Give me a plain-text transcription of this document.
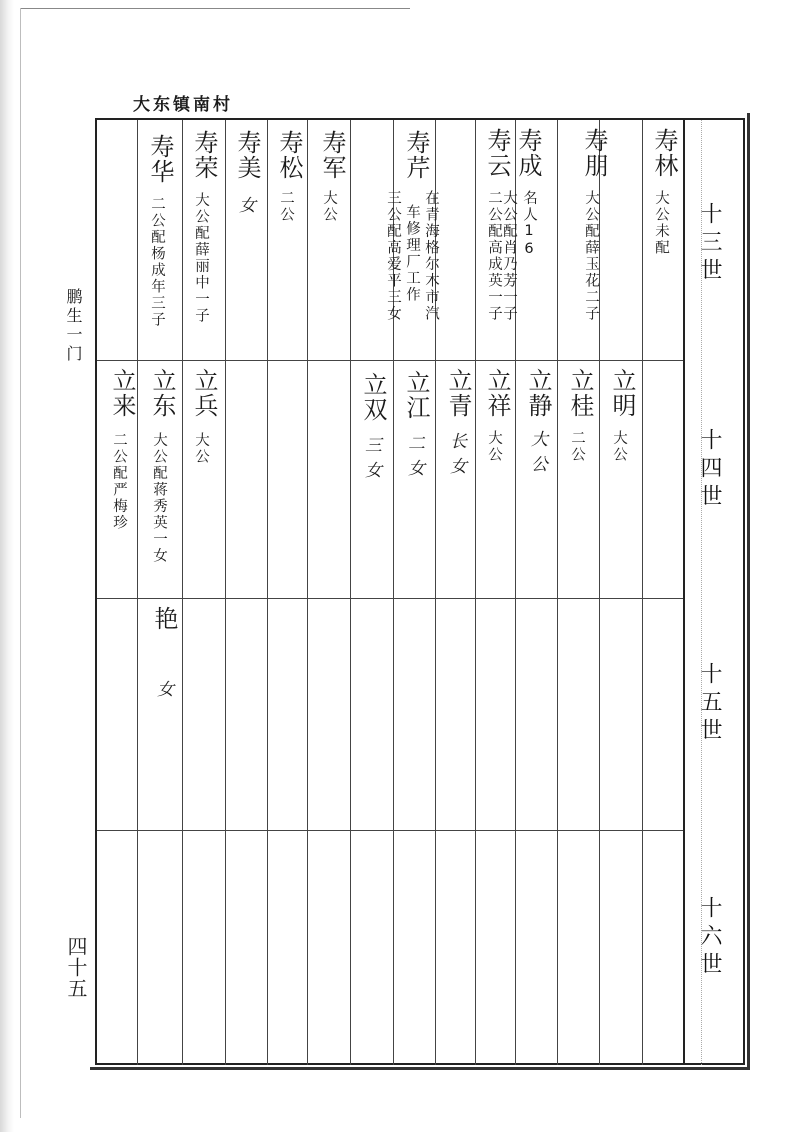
大东镇南村
鹏生一门
四十五
十三世
十四世
十五世
十六世
寿林
大公未配
寿朋
大公配薛玉花二子
寿成
名人16
大公配肖乃芳一子
寿云
二公配高成英一子
寿芹
在青海格尔木市汽
车修理厂工作
三公配高爱平三女
寿军
大公
寿松
二公
寿美
女
寿荣
大公配薛丽中一子
寿华
二公配杨成年三子
立明
大公
立桂
二公
立静
大公
立祥
大公
立青
长女
立江
二女
立双
三女
立兵
大公
立东
大公配蒋秀英一女
立来
二公配严梅珍
艳
女
